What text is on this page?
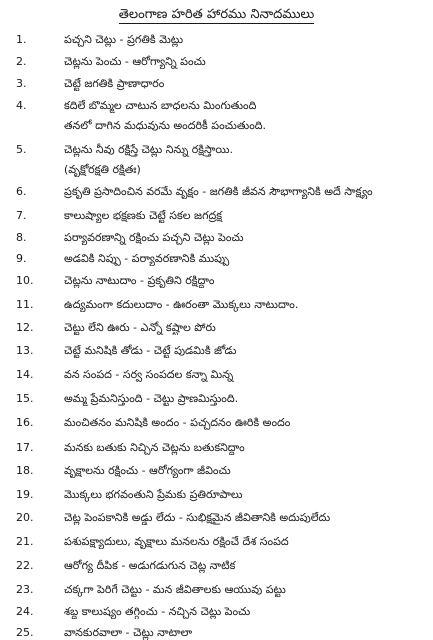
తెలంగాణ హరిత హారము నినాదములు
1.	పచ్చని చెట్లు - ప్రగతికి మెట్లు
2.	చెట్లను పెంచు - ఆరోగ్యాన్ని పంచు
3.	చెట్టే జగతికి ప్రాణాధారం
4.	కదిలే బొమ్మల చాటున బాధలను మింగుతుంది
తనలో దాగిన మధువును అందరికీ పంచుతుంది.
5.	చెట్లను నీవు రక్షిస్తే చెట్లు నిన్ను రక్షిస్తాయి.
(వృక్షోరక్షతి రక్షితః)
6.	ప్రకృతి ప్రసాదించిన వరమే వృక్షం - జగతికి జీవన సౌభాగ్యానికి అదే సాక్ష్యం
7.	కాలుష్యాల భక్షణకు చెట్టే సకల జగద్రక్ష
8.	పర్యావరణాన్ని రక్షించు పచ్చని చెట్లు పెంచు
9.	అడవికి నిప్పు - పర్యావరణానికి ముప్పు
10.	చెట్లను నాటుదాం - ప్రకృతిని రక్షిద్దాం
11.	ఉద్యమంగా కదులుదాం - ఊరంతా మొక్కలు నాటుదాం.
12.	చెట్టు లేని ఊరు - ఎన్నో కష్టాల పోరు
13.	చెట్టే మనిషికి తోడు - చెట్టే పుడమికి జోడు
14.	వన సంపద - సర్వ సంపదల కన్నా మిన్న
15.	అమ్మ ప్రేమనిస్తుంది - చెట్టు ప్రాణమిస్తుంది.
16.	మంచితనం మనిషికి అందం - పచ్చదనం ఊరికి అందం
17.	మనకు బతుకు నిచ్చిన చెట్లను బతుకనిద్దాం
18.	వృక్షాలను రక్షించు - ఆరోగ్యంగా జీవించు
19.	మొక్కలు భగవంతుని ప్రేమకు ప్రతిరూపాలు
20.	చెట్ల పెంపకానికి అడ్డు లేదు - సుభిక్షమైన జీవితానికి అదుపులేదు
21.	పశుపక్ష్యాదులు, వృక్షాలు మనలను రక్షించే దేశ సంపద
22.	ఆరోగ్య దీపిక - అడుగడుగున చెట్ల నాటిక
23.	చక్కగా పెరిగే చెట్టు - మన జీవితాలకు ఆయువు పట్టు
24.	శబ్ద కాలుష్యం తగ్గించు - నచ్చిన చెట్లు పెంచు
25.	వానకురవాలా - చెట్లు నాటాలా
